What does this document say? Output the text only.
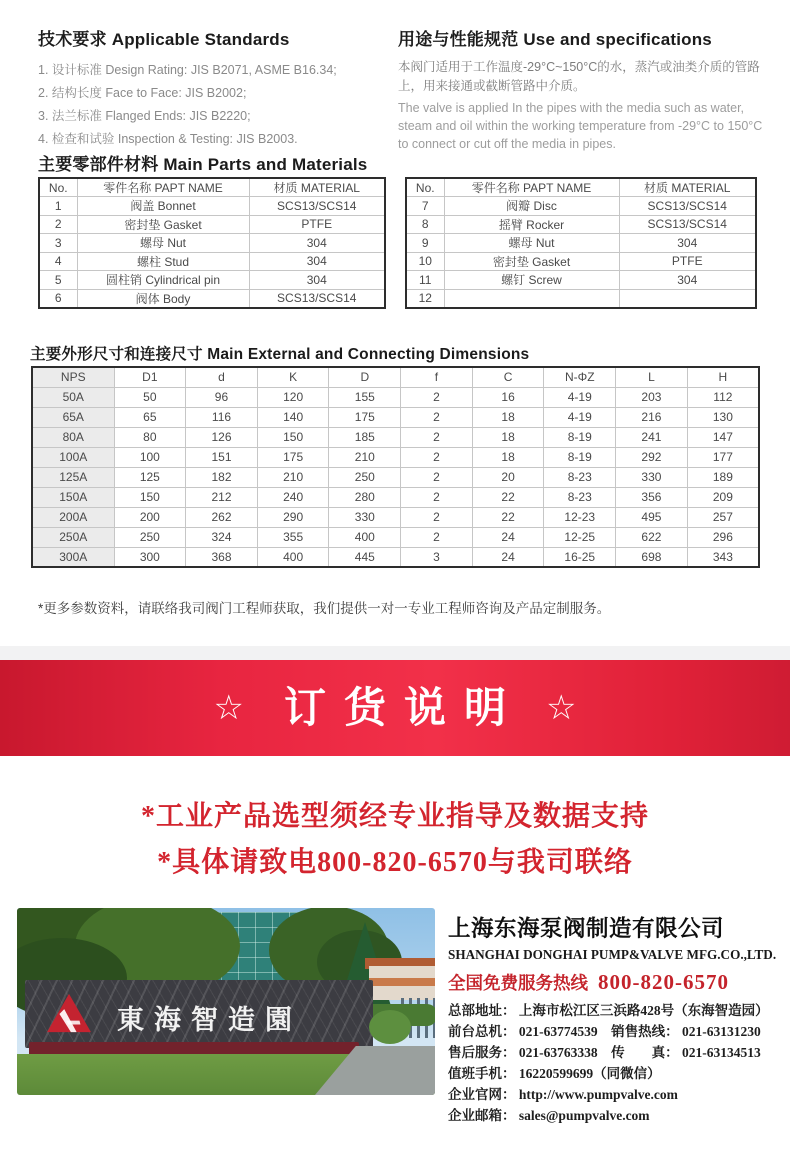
技术要求 Applicable Standards
1. 设计标准 Design Rating: JIS B2071, ASME B16.34;
2. 结构长度 Face to Face: JIS B2002;
3. 法兰标准 Flanged Ends: JIS B2220;
4. 检查和试验 Inspection & Testing: JIS B2003.
用途与性能规范 Use and specifications
本阀门适用于工作温度-29°C~150°C的水，蒸汽或油类介质的管路上，用来接通或截断管路中介质。
The valve is applied In the pipes with the media such as water, steam and oil within the working temperature from -29°C to 150°C to connect or cut off the media in pipes.
主要零部件材料 Main Parts and Materials
No.	零件名称 PAPT NAME	材质 MATERIAL
1	阀盖 Bonnet	SCS13/SCS14
2	密封垫 Gasket	PTFE
3	螺母 Nut	304
4	螺柱 Stud	304
5	圆柱销 Cylindrical pin	304
6	阀体 Body	SCS13/SCS14
No.	零件名称 PAPT NAME	材质 MATERIAL
7	阀瓣 Disc	SCS13/SCS14
8	摇臂 Rocker	SCS13/SCS14
9	螺母 Nut	304
10	密封垫 Gasket	PTFE
11	螺钉 Screw	304
12		
主要外形尺寸和连接尺寸 Main External and Connecting Dimensions
NPS	D1	d	K	D	f	C	N-ΦZ	L	H
50A	50	96	120	155	2	16	4-19	203	112
65A	65	116	140	175	2	18	4-19	216	130
80A	80	126	150	185	2	18	8-19	241	147
100A	100	151	175	210	2	18	8-19	292	177
125A	125	182	210	250	2	20	8-23	330	189
150A	150	212	240	280	2	22	8-23	356	209
200A	200	262	290	330	2	22	12-23	495	257
250A	250	324	355	400	2	24	12-25	622	296
300A	300	368	400	445	3	24	16-25	698	343
*更多参数资料，请联络我司阀门工程师获取，我们提供一对一专业工程师咨询及产品定制服务。
☆ 订货说明 ☆
*工业产品选型须经专业指导及数据支持
*具体请致电800-820-6570与我司联络
東海智造園
上海东海泵阀制造有限公司
SHANGHAI DONGHAI PUMP&VALVE MFG.CO.,LTD.
全国免费服务热线 800-820-6570
总部地址： 上海市松江区三浜路428号（东海智造园）
前台总机： 021-63774539　销售热线： 021-63131230
售后服务： 021-63763338　传　　真： 021-63134513
值班手机： 16220599699（同微信）
企业官网： http://www.pumpvalve.com
企业邮箱： sales@pumpvalve.com
